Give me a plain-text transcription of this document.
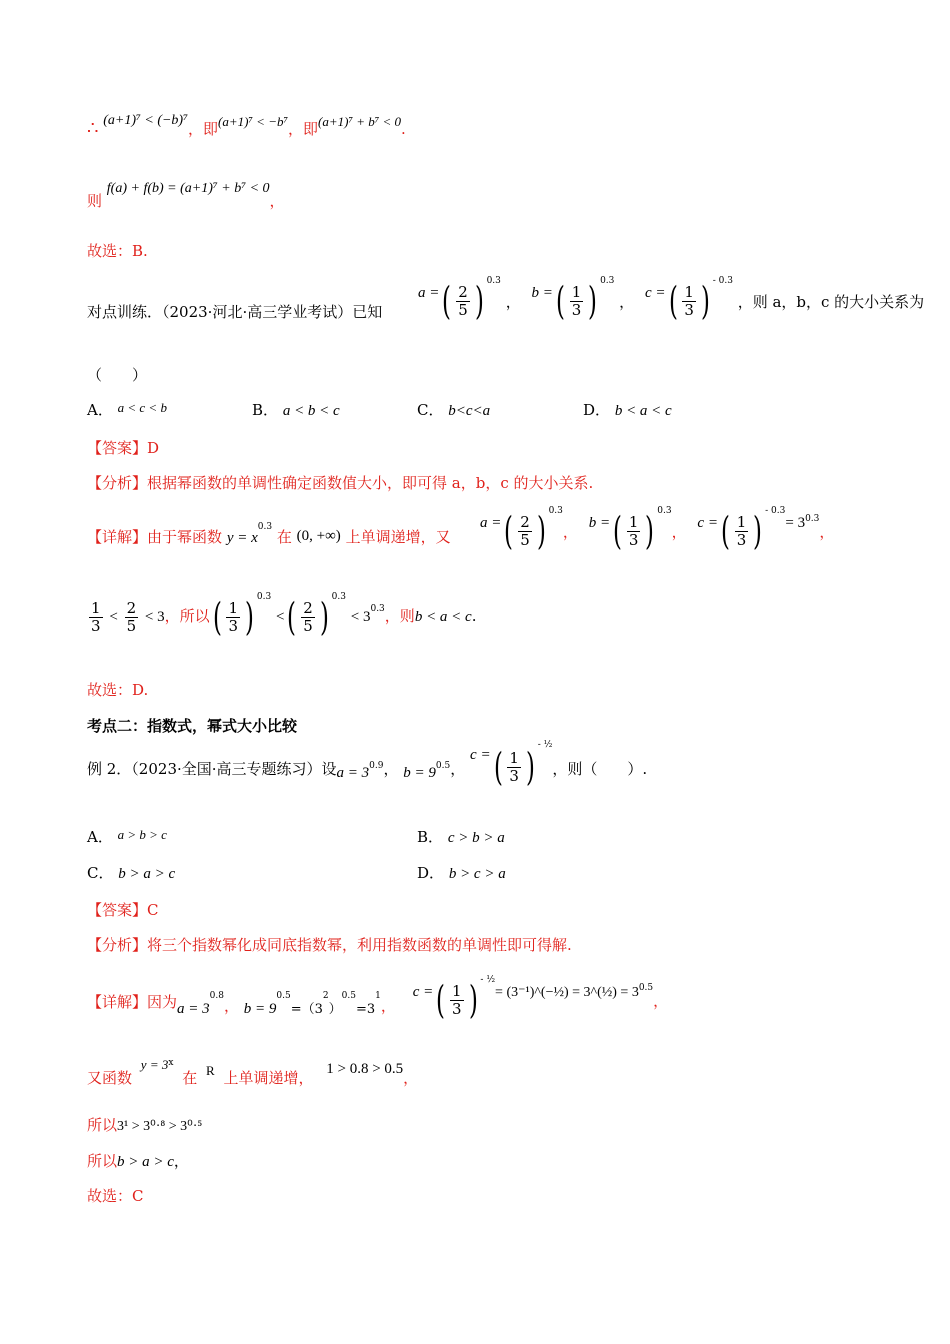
∴ (a+1)⁷ < (−b)⁷，即(a+1)⁷ < −b⁷，即(a+1)⁷ + b⁷ < 0.
则 f(a) + f(b) = (a+1)⁷ + b⁷ < 0，
故选：B.
对点训练．（2023·河北·高三学业考试）已知
a =( $\frac{2}{5}$ ) $^{0.3}$ ， b =( $\frac{1}{3}$ ) $^{0.3}$ ， c =( $\frac{1}{3}$ ) $^{- 0.3}$ ，则 a，b，c 的大小关系为
（　　）
A． a < c < b	B． a < b < c	C． b<c<a	D． b < a < c
【答案】D
【分析】根据幂函数的单调性确定函数值大小，即可得 a，b，c 的大小关系.
【详解】由于幂函数 $y = x^{0.3}$ 在 (0, +∞) 上单调递增，又
a =( $\frac{2}{5}$ ) $^{0.3}$， b =( $\frac{1}{3}$ ) $^{0.3}$， c =( $\frac{1}{3}$ ) $^{- 0.3}= 3^{0.3}$，
$\frac{1}{3} < \frac{2}{5} < 3$，所以( $\frac{1}{3}$ ) $^{0.3}$ <( $\frac{2}{5}$ ) $^{0.3} < 3^{0.3}$，则b < a < c.
故选：D.
考点二：指数式，幂式大小比较
例 2．（2023·全国·高三专题练习）设$a = 3^{0.9}$， $b = 9^{0.5}$， c =( $\frac{1}{3}$ ) $^{- \frac{1}{2}}$，则（　　）.
A． a > b > c	B． c > b > a
C． b > a > c	D． b > c > a
【答案】C
【分析】将三个指数幂化成同底指数幂，利用指数函数的单调性即可得解.
【详解】因为$a = 3^{0.8}$， $b = 9^{0.5}=(3^2)^{0.5}=3^1$， c =( $\frac{1}{3}$ ) $^{- \frac{1}{2}}$= (3⁻¹)^(−½) = 3^(½) = $3^{0.5}$，
又函数 $y = 3^x$ 在 R 上单调递增， 1 > 0.8 > 0.5，
所以3¹ > 3⁰·⁸ > 3⁰·⁵
所以b > a > c，
故选：C
